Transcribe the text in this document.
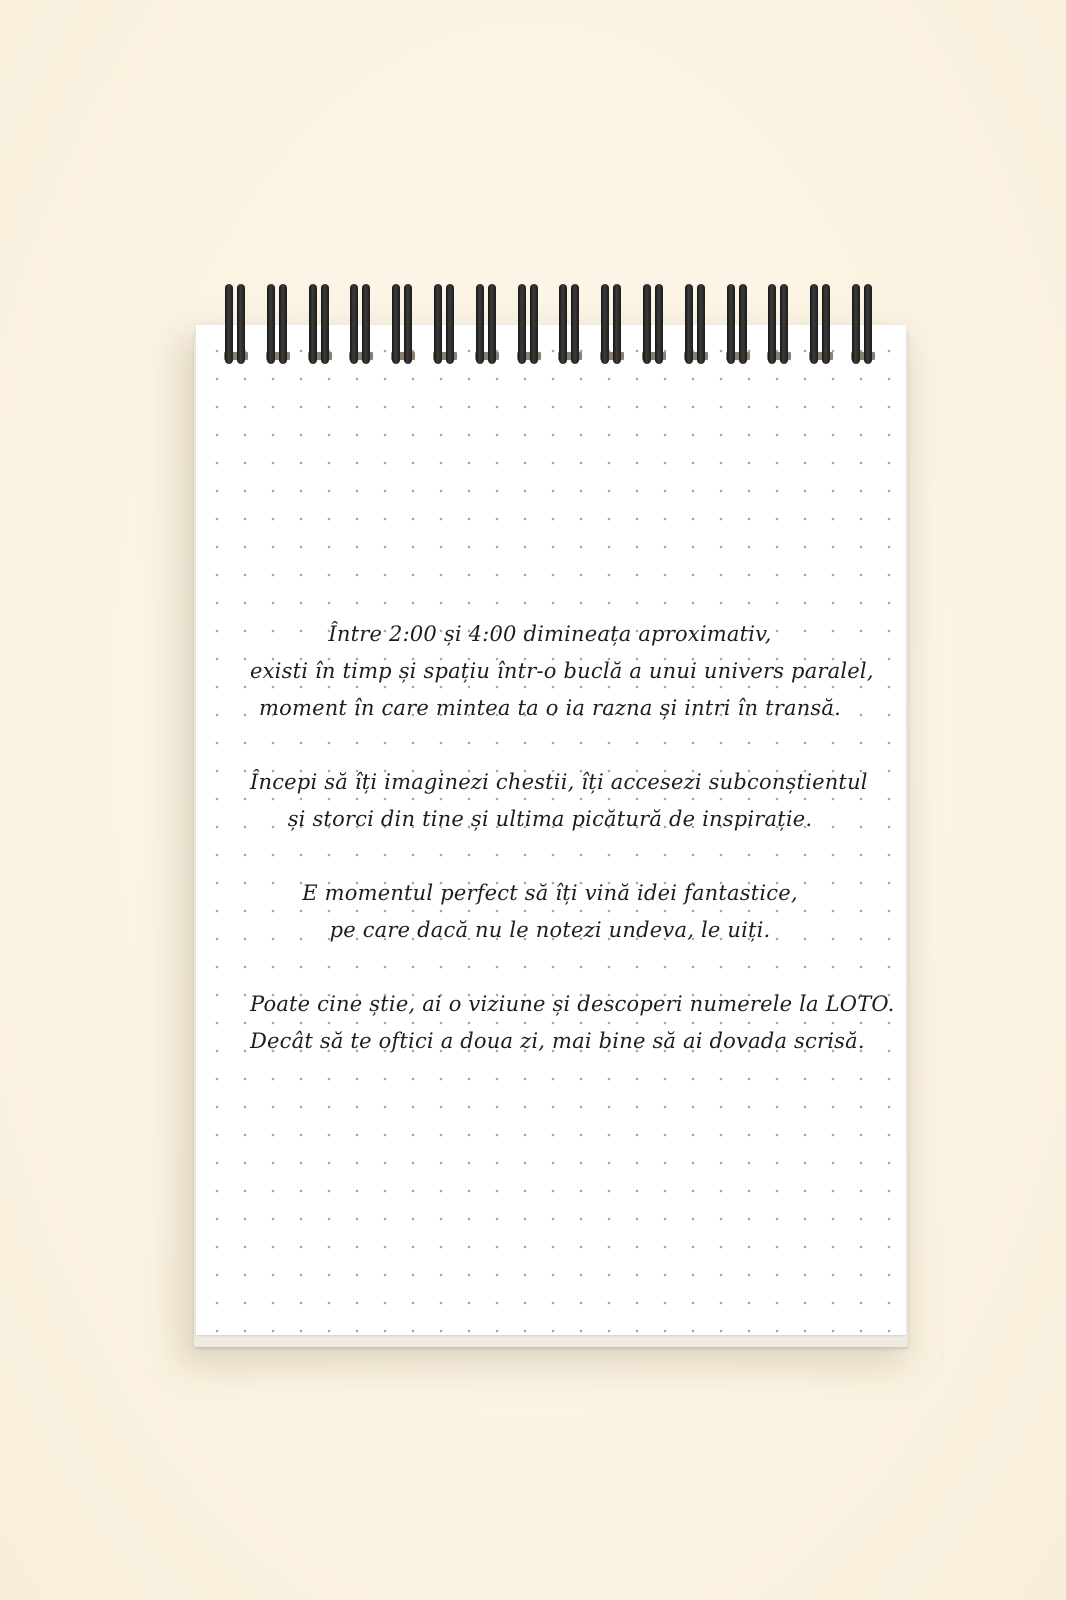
Între 2:00 și 4:00 dimineața aproximativ,
existi în timp și spațiu într-o buclă a unui univers paralel,
moment în care mintea ta o ia razna și intri în transă.
Începi să îți imaginezi chestii, îți accesezi subconștientul
și storci din tine și ultima picătură de inspirație.
E momentul perfect să îți vină idei fantastice,
pe care dacă nu le notezi undeva, le uiți.
Poate cine știe, ai o viziune și descoperi numerele la LOTO.
Decât să te oftici a doua zi, mai bine să ai dovada scrisă.
